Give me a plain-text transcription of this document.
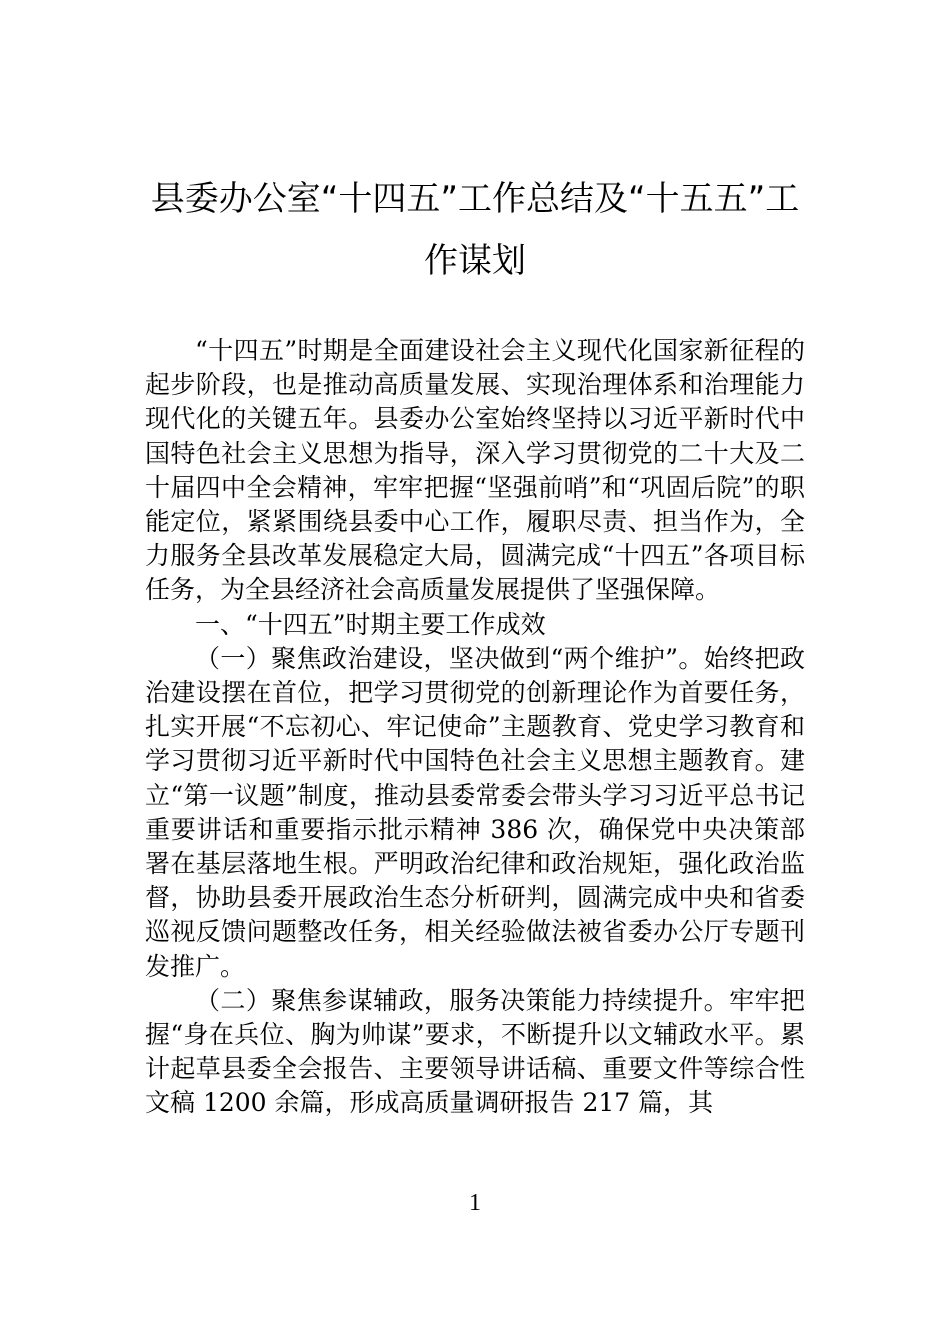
县委办公室“十四五”工作总结及“十五五”工作谋划

“十四五”时期是全面建设社会主义现代化国家新征程的起步阶段，也是推动高质量发展、实现治理体系和治理能力现代化的关键五年。县委办公室始终坚持以习近平新时代中国特色社会主义思想为指导，深入学习贯彻党的二十大及二十届四中全会精神，牢牢把握“坚强前哨”和“巩固后院”的职能定位，紧紧围绕县委中心工作，履职尽责、担当作为，全力服务全县改革发展稳定大局，圆满完成“十四五”各项目标任务，为全县经济社会高质量发展提供了坚强保障。

一、“十四五”时期主要工作成效

（一）聚焦政治建设，坚决做到“两个维护”。始终把政治建设摆在首位，把学习贯彻党的创新理论作为首要任务，扎实开展“不忘初心、牢记使命”主题教育、党史学习教育和学习贯彻习近平新时代中国特色社会主义思想主题教育。建立“第一议题”制度，推动县委常委会带头学习习近平总书记重要讲话和重要指示批示精神 386 次，确保党中央决策部署在基层落地生根。严明政治纪律和政治规矩，强化政治监督，协助县委开展政治生态分析研判，圆满完成中央和省委巡视反馈问题整改任务，相关经验做法被省委办公厅专题刊发推广。

（二）聚焦参谋辅政，服务决策能力持续提升。牢牢把握“身在兵位、胸为帅谋”要求，不断提升以文辅政水平。累计起草县委全会报告、主要领导讲话稿、重要文件等综合性文稿 1200 余篇，形成高质量调研报告 217 篇，其

1
